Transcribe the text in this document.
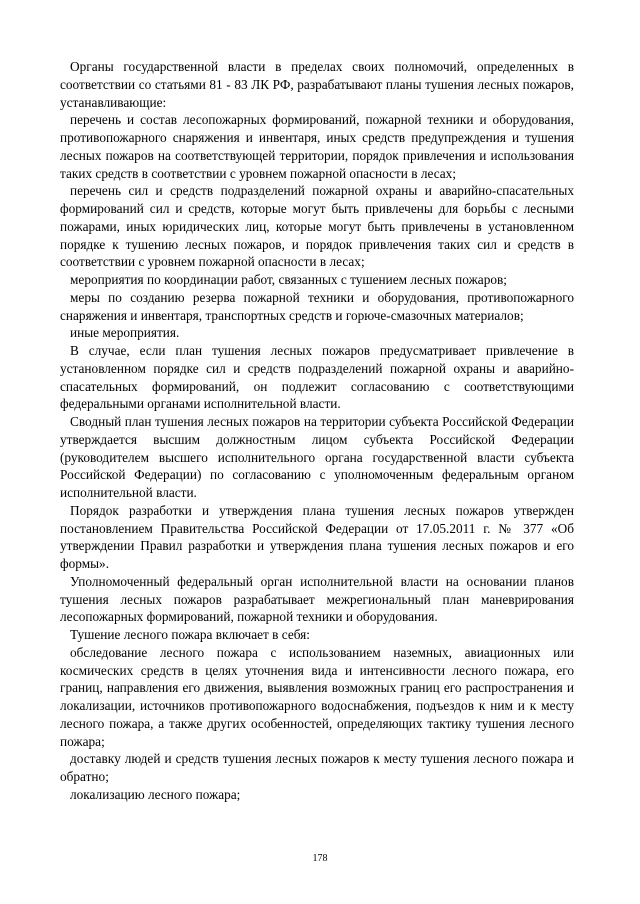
Органы государственной власти в пределах своих полномочий, определенных в соответствии со статьями 81 - 83 ЛК РФ, разрабатывают планы тушения лесных пожаров, устанавливающие:

перечень и состав лесопожарных формирований, пожарной техники и оборудования, противопожарного снаряжения и инвентаря, иных средств предупреждения и тушения лесных пожаров на соответствующей территории, порядок привлечения и использования таких средств в соответствии с уровнем пожарной опасности в лесах;

перечень сил и средств подразделений пожарной охраны и аварийно-спасательных формирований сил и средств, которые могут быть привлечены для борьбы с лесными пожарами, иных юридических лиц, которые могут быть привлечены в установленном порядке к тушению лесных пожаров, и порядок привлечения таких сил и средств в соответствии с уровнем пожарной опасности в лесах;

мероприятия по координации работ, связанных с тушением лесных пожаров;

меры по созданию резерва пожарной техники и оборудования, противопожарного снаряжения и инвентаря, транспортных средств и горюче-смазочных материалов;

иные мероприятия.

В случае, если план тушения лесных пожаров предусматривает привлечение в установленном порядке сил и средств подразделений пожарной охраны и аварийно-спасательных формирований, он подлежит согласованию с соответствующими федеральными органами исполнительной власти.

Сводный план тушения лесных пожаров на территории субъекта Российской Федерации утверждается высшим должностным лицом субъекта Российской Федерации (руководителем высшего исполнительного органа государственной власти субъекта Российской Федерации) по согласованию с уполномоченным федеральным органом исполнительной власти.

Порядок разработки и утверждения плана тушения лесных пожаров утвержден постановлением Правительства Российской Федерации от 17.05.2011 г. № 377 «Об утверждении Правил разработки и утверждения плана тушения лесных пожаров и его формы».

Уполномоченный федеральный орган исполнительной власти на основании планов тушения лесных пожаров разрабатывает межрегиональный план маневрирования лесопожарных формирований, пожарной техники и оборудования.

Тушение лесного пожара включает в себя:

обследование лесного пожара с использованием наземных, авиационных или космических средств в целях уточнения вида и интенсивности лесного пожара, его границ, направления его движения, выявления возможных границ его распространения и локализации, источников противопожарного водоснабжения, подъездов к ним и к месту лесного пожара, а также других особенностей, определяющих тактику тушения лесного пожара;

доставку людей и средств тушения лесных пожаров к месту тушения лесного пожара и обратно;

локализацию лесного пожара;

178
